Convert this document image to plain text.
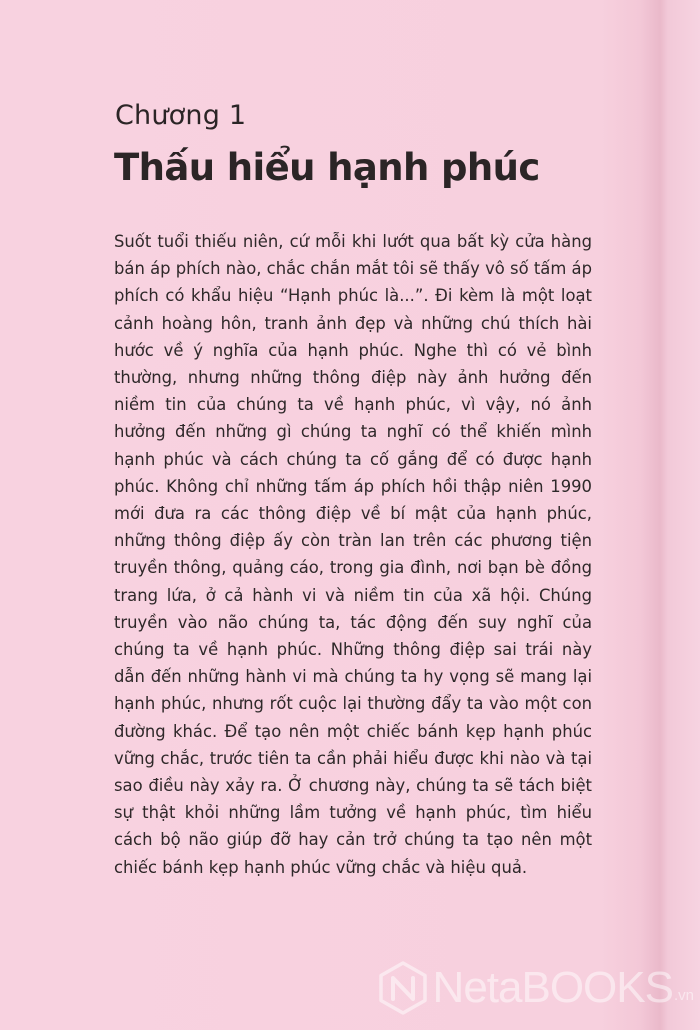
Chương 1
Thấu hiểu hạnh phúc

Suốt tuổi thiếu niên, cứ mỗi khi lướt qua bất kỳ cửa hàng bán áp phích nào, chắc chắn mắt tôi sẽ thấy vô số tấm áp phích có khẩu hiệu “Hạnh phúc là...”. Đi kèm là một loạt cảnh hoàng hôn, tranh ảnh đẹp và những chú thích hài hước về ý nghĩa của hạnh phúc. Nghe thì có vẻ bình thường, nhưng những thông điệp này ảnh hưởng đến niềm tin của chúng ta về hạnh phúc, vì vậy, nó ảnh hưởng đến những gì chúng ta nghĩ có thể khiến mình hạnh phúc và cách chúng ta cố gắng để có được hạnh phúc. Không chỉ những tấm áp phích hồi thập niên 1990 mới đưa ra các thông điệp về bí mật của hạnh phúc, những thông điệp ấy còn tràn lan trên các phương tiện truyền thông, quảng cáo, trong gia đình, nơi bạn bè đồng trang lứa, ở cả hành vi và niềm tin của xã hội. Chúng truyền vào não chúng ta, tác động đến suy nghĩ của chúng ta về hạnh phúc. Những thông điệp sai trái này dẫn đến những hành vi mà chúng ta hy vọng sẽ mang lại hạnh phúc, nhưng rốt cuộc lại thường đẩy ta vào một con đường khác. Để tạo nên một chiếc bánh kẹp hạnh phúc vững chắc, trước tiên ta cần phải hiểu được khi nào và tại sao điều này xảy ra. Ở chương này, chúng ta sẽ tách biệt sự thật khỏi những lầm tưởng về hạnh phúc, tìm hiểu cách bộ não giúp đỡ hay cản trở chúng ta tạo nên một chiếc bánh kẹp hạnh phúc vững chắc và hiệu quả.

NetaBOOKS .vn
